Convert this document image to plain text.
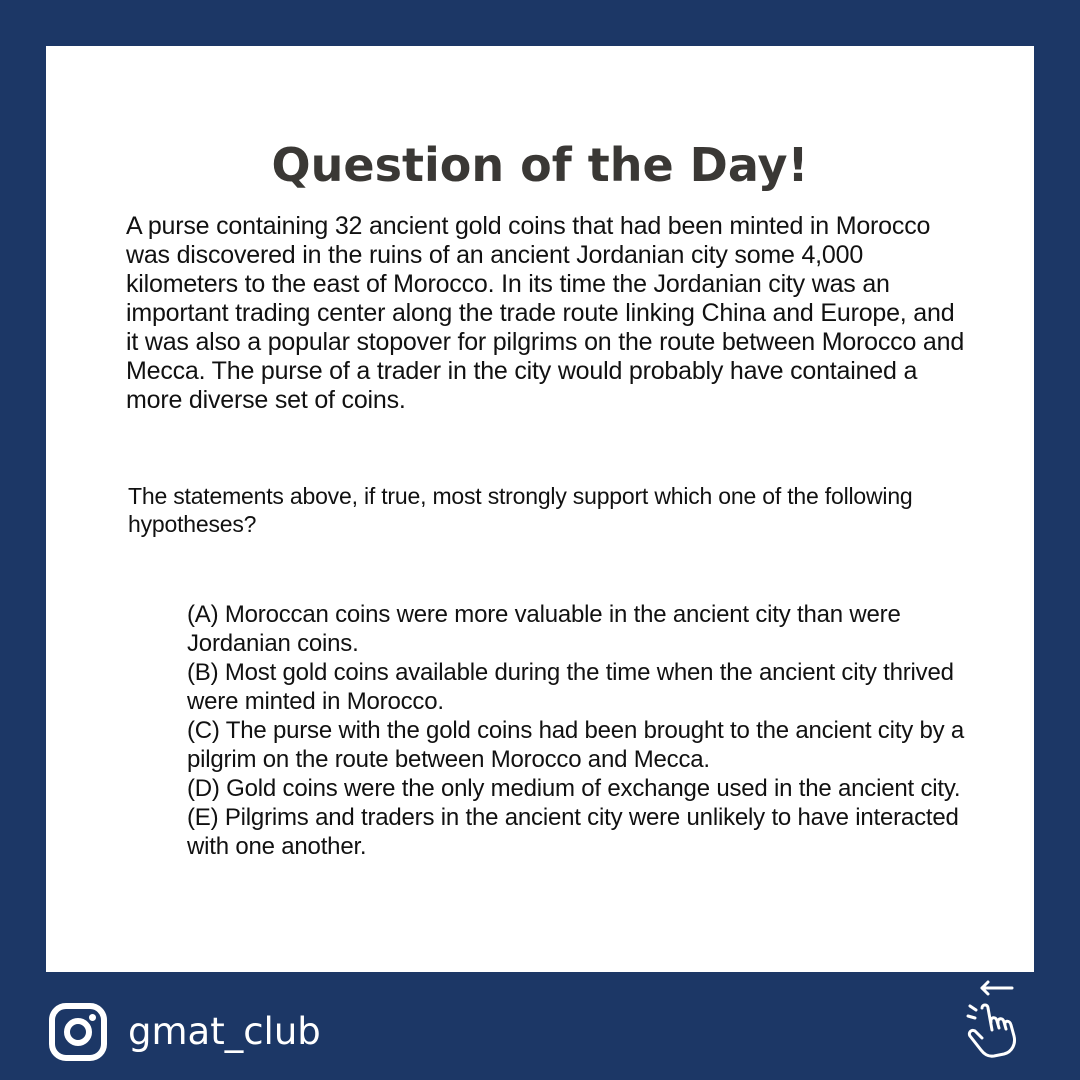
Question of the Day!

A purse containing 32 ancient gold coins that had been minted in Morocco was discovered in the ruins of an ancient Jordanian city some 4,000 kilometers to the east of Morocco. In its time the Jordanian city was an important trading center along the trade route linking China and Europe, and it was also a popular stopover for pilgrims on the route between Morocco and Mecca. The purse of a trader in the city would probably have contained a more diverse set of coins.

The statements above, if true, most strongly support which one of the following hypotheses?

(A) Moroccan coins were more valuable in the ancient city than were Jordanian coins.
(B) Most gold coins available during the time when the ancient city thrived were minted in Morocco.
(C) The purse with the gold coins had been brought to the ancient city by a pilgrim on the route between Morocco and Mecca.
(D) Gold coins were the only medium of exchange used in the ancient city.
(E) Pilgrims and traders in the ancient city were unlikely to have interacted with one another.
gmat_club
